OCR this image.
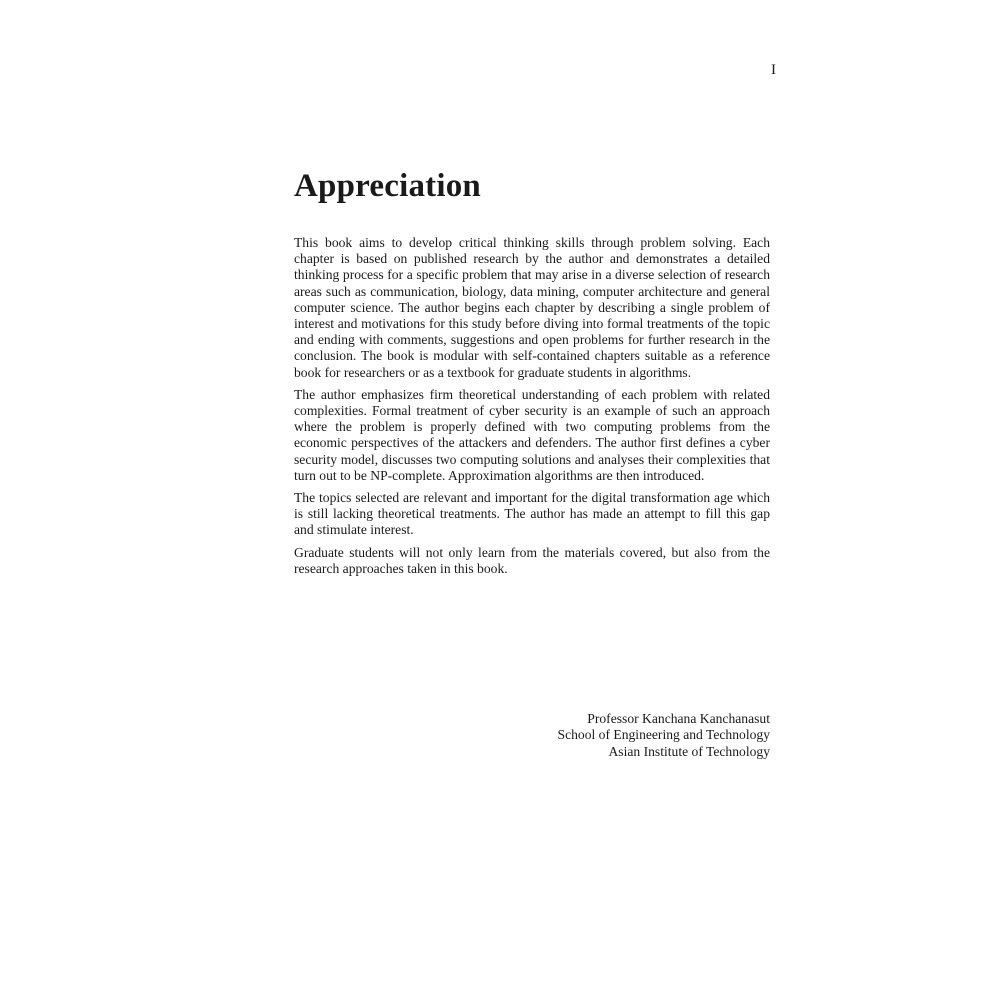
I
Appreciation

This book aims to develop critical thinking skills through problem solving. Each chapter is based on published research by the author and demonstrates a detailed thinking process for a specific problem that may arise in a diverse selection of research areas such as communication, biology, data mining, computer architecture and general computer science. The author begins each chapter by describing a single problem of interest and motivations for this study before diving into formal treatments of the topic and ending with comments, suggestions and open problems for further research in the conclusion. The book is modular with self-contained chapters suitable as a reference book for researchers or as a textbook for graduate students in algorithms.

The author emphasizes firm theoretical understanding of each problem with related complexities. Formal treatment of cyber security is an example of such an approach where the problem is properly defined with two computing problems from the economic perspectives of the attackers and defenders. The author first defines a cyber security model, discusses two computing solutions and analyses their complexities that turn out to be NP-complete. Approximation algorithms are then introduced.

The topics selected are relevant and important for the digital transformation age which is still lacking theoretical treatments. The author has made an attempt to fill this gap and stimulate interest.

Graduate students will not only learn from the materials covered, but also from the research approaches taken in this book.

Professor Kanchana Kanchanasut
School of Engineering and Technology
Asian Institute of Technology
